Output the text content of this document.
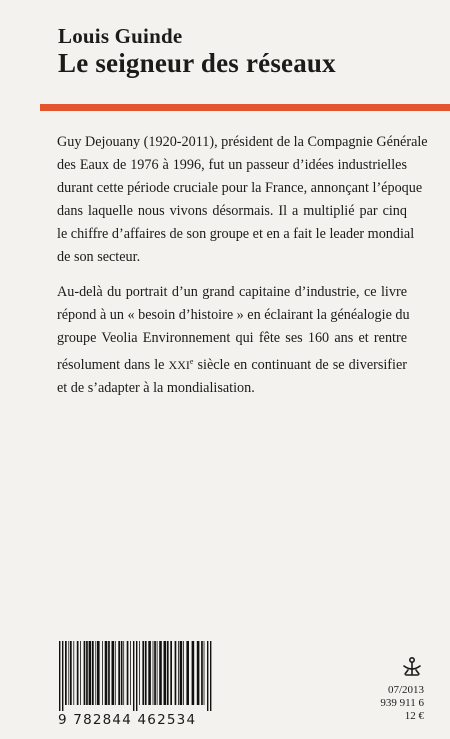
Louis Guinde
Le seigneur des réseaux
Guy Dejouany (1920-2011), président de la Compagnie Générale
des Eaux de 1976 à 1996, fut un passeur d’idées industrielles
durant cette période cruciale pour la France, annonçant l’époque
dans laquelle nous vivons désormais. Il a multiplié par cinq
le chiffre d’affaires de son groupe et en a fait le leader mondial
de son secteur.
Au-delà du portrait d’un grand capitaine d’industrie, ce livre
répond à un « besoin d’histoire » en éclairant la généalogie du
groupe Veolia Environnement qui fête ses 160 ans et rentre
résolument dans le XXIe siècle en continuant de se diversifier
et de s’adapter à la mondialisation.
9 782844 462534
07/2013
939 911 6
12 €
